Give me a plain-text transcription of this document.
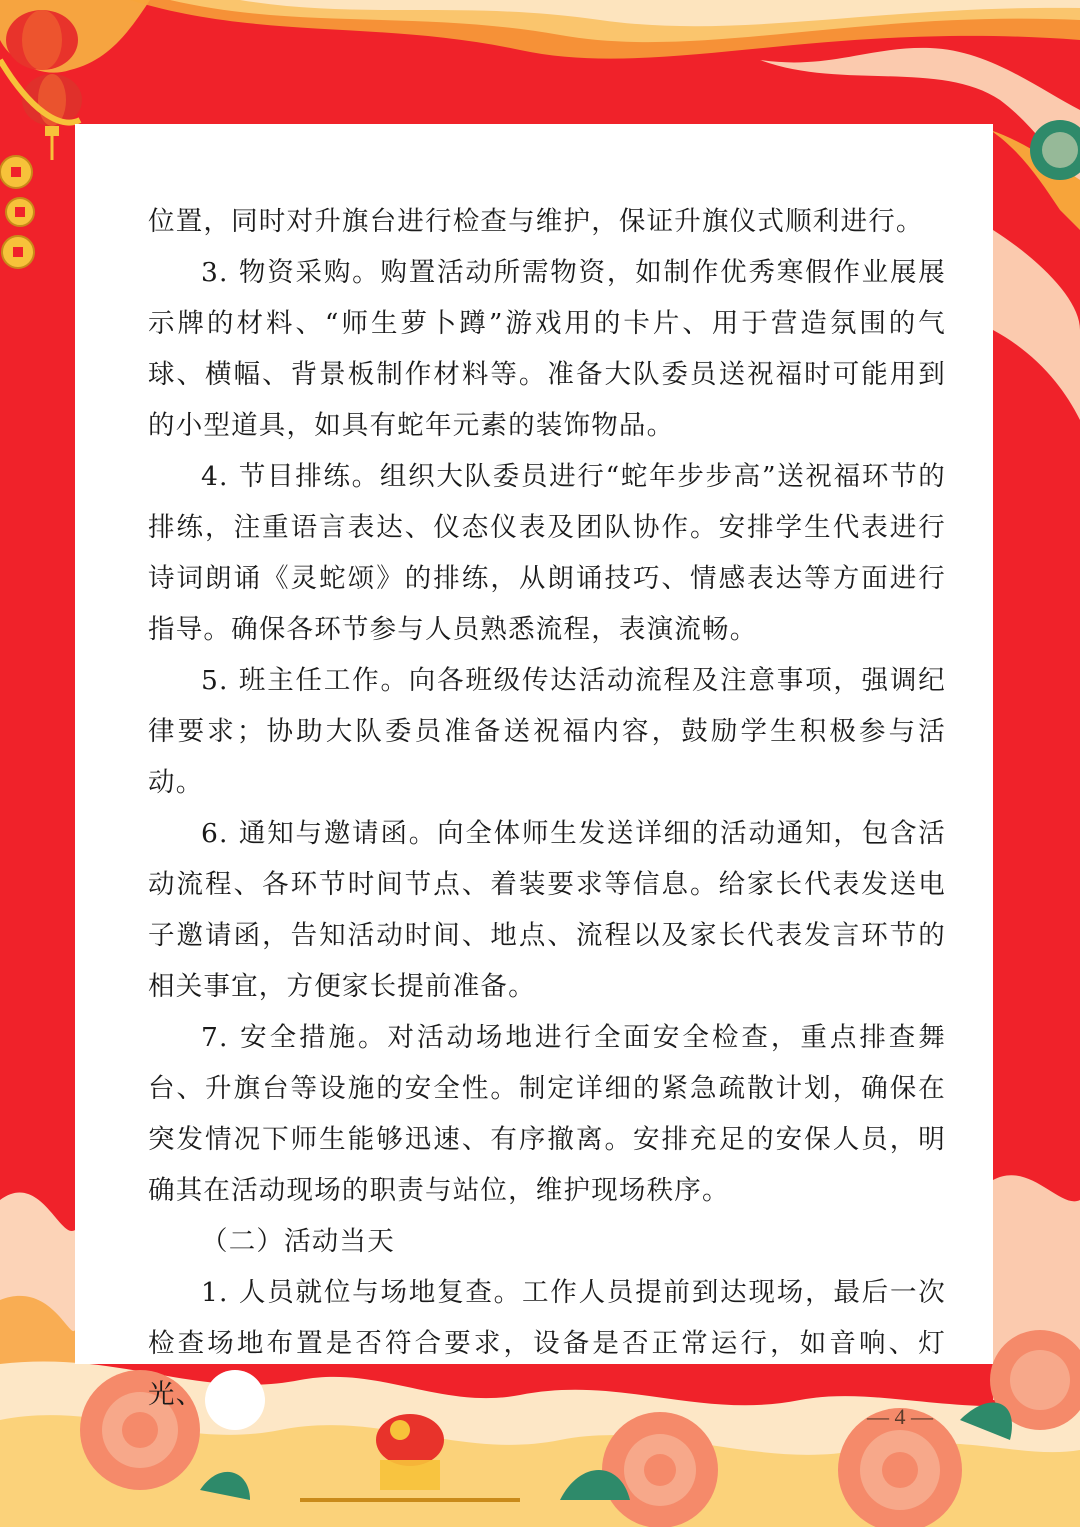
位置，同时对升旗台进行检查与维护，保证升旗仪式顺利进行。

3. 物资采购。购置活动所需物资，如制作优秀寒假作业展展示牌的材料、“师生萝卜蹲”游戏用的卡片、用于营造氛围的气球、横幅、背景板制作材料等。准备大队委员送祝福时可能用到的小型道具，如具有蛇年元素的装饰物品。

4. 节目排练。组织大队委员进行“蛇年步步高”送祝福环节的排练，注重语言表达、仪态仪表及团队协作。安排学生代表进行诗词朗诵《灵蛇颂》的排练，从朗诵技巧、情感表达等方面进行指导。确保各环节参与人员熟悉流程，表演流畅。

5. 班主任工作。向各班级传达活动流程及注意事项，强调纪律要求；协助大队委员准备送祝福内容，鼓励学生积极参与活动。

6. 通知与邀请函。向全体师生发送详细的活动通知，包含活动流程、各环节时间节点、着装要求等信息。给家长代表发送电子邀请函，告知活动时间、地点、流程以及家长代表发言环节的相关事宜，方便家长提前准备。

7. 安全措施。对活动场地进行全面安全检查，重点排查舞台、升旗台等设施的安全性。制定详细的紧急疏散计划，确保在突发情况下师生能够迅速、有序撤离。安排充足的安保人员，明确其在活动现场的职责与站位，维护现场秩序。

（二）活动当天

1. 人员就位与场地复查。工作人员提前到达现场，最后一次检查场地布置是否符合要求，设备是否正常运行，如音响、灯光、

— 4 —
